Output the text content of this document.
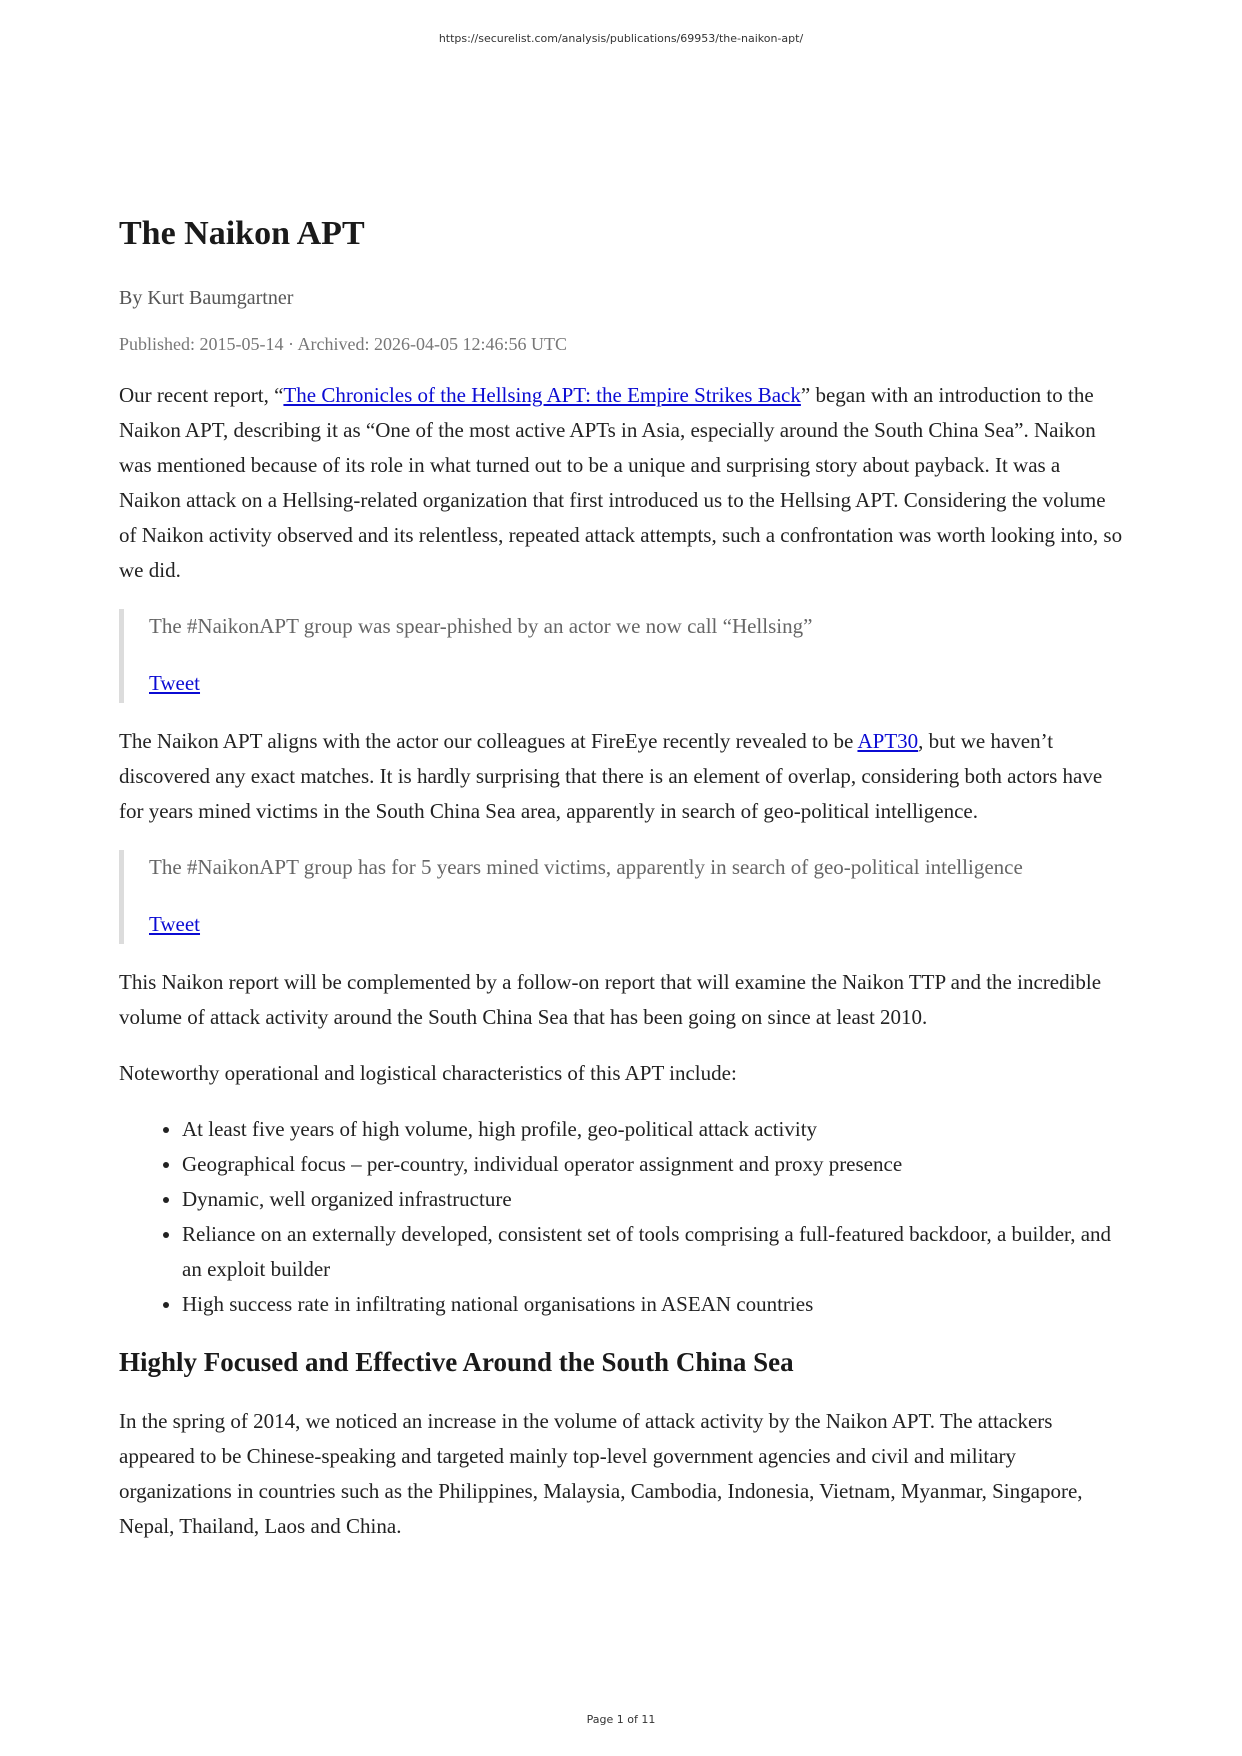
https://securelist.com/analysis/publications/69953/the-naikon-apt/
The Naikon APT
By Kurt Baumgartner
Published: 2015-05-14 · Archived: 2026-04-05 12:46:56 UTC

Our recent report, “The Chronicles of the Hellsing APT: the Empire Strikes Back” began with an introduction to the Naikon APT, describing it as “One of the most active APTs in Asia, especially around the South China Sea”. Naikon was mentioned because of its role in what turned out to be a unique and surprising story about payback. It was a Naikon attack on a Hellsing-related organization that first introduced us to the Hellsing APT. Considering the volume of Naikon activity observed and its relentless, repeated attack attempts, such a confrontation was worth looking into, so we did.

The #NaikonAPT group was spear-phished by an actor we now call “Hellsing”

Tweet

The Naikon APT aligns with the actor our colleagues at FireEye recently revealed to be APT30, but we haven’t discovered any exact matches. It is hardly surprising that there is an element of overlap, considering both actors have for years mined victims in the South China Sea area, apparently in search of geo-political intelligence.

The #NaikonAPT group has for 5 years mined victims, apparently in search of geo-political intelligence

Tweet

This Naikon report will be complemented by a follow-on report that will examine the Naikon TTP and the incredible volume of attack activity around the South China Sea that has been going on since at least 2010.

Noteworthy operational and logistical characteristics of this APT include:

• At least five years of high volume, high profile, geo-political attack activity
• Geographical focus – per-country, individual operator assignment and proxy presence
• Dynamic, well organized infrastructure
• Reliance on an externally developed, consistent set of tools comprising a full-featured backdoor, a builder, and an exploit builder
• High success rate in infiltrating national organisations in ASEAN countries
Highly Focused and Effective Around the South China Sea

In the spring of 2014, we noticed an increase in the volume of attack activity by the Naikon APT. The attackers appeared to be Chinese-speaking and targeted mainly top-level government agencies and civil and military organizations in countries such as the Philippines, Malaysia, Cambodia, Indonesia, Vietnam, Myanmar, Singapore, Nepal, Thailand, Laos and China.

Page 1 of 11
